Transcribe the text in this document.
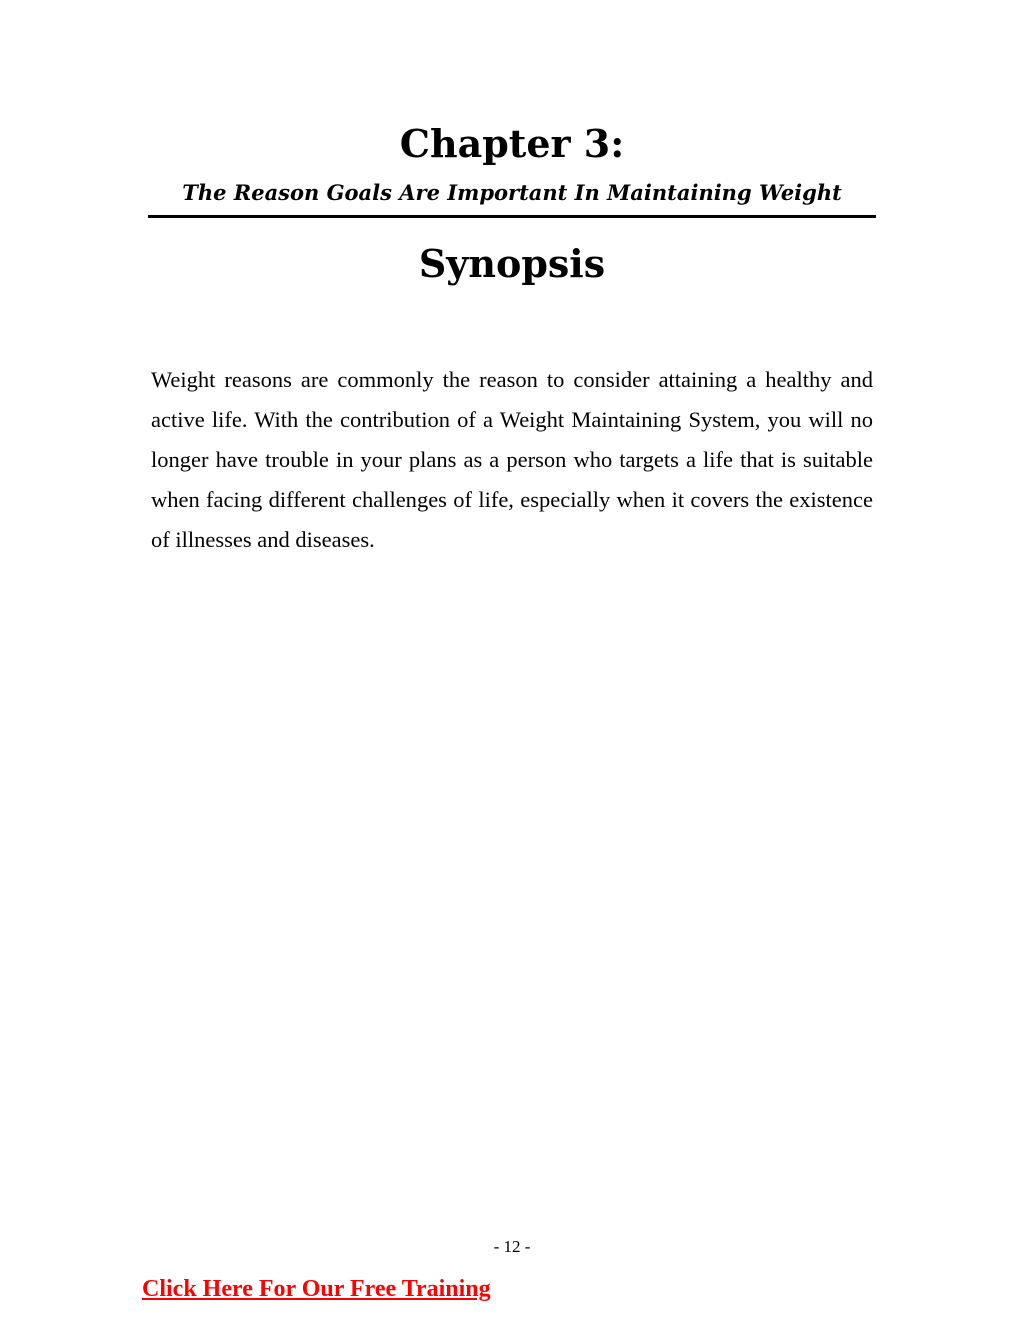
Chapter 3:
The Reason Goals Are Important In Maintaining Weight
Synopsis

Weight reasons are commonly the reason to consider attaining a healthy and active life. With the contribution of a Weight Maintaining System, you will no longer have trouble in your plans as a person who targets a life that is suitable when facing different challenges of life, especially when it covers the existence of illnesses and diseases.

- 12 -
Click Here For Our Free Training
